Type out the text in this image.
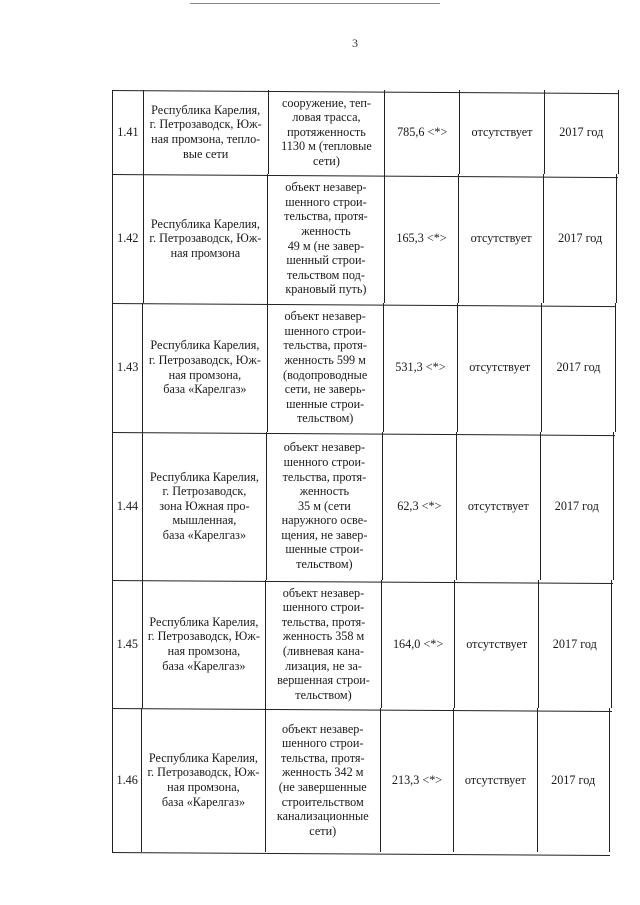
3
1.41
Республика Карелия,
г. Петрозаводск, Юж-
ная промзона, тепло-
вые сети
сооружение, теп-
ловая трасса,
протяженность
1130 м (тепловые
сети)
785,6 <*> отсутствует 2017 год
1.42
Республика Карелия,
г. Петрозаводск, Юж-
ная промзона
объект незавер-
шенного строи-
тельства, протя-
женность
49 м (не завер-
шенный строи-
тельством под-
крановый путь)
165,3 <*> отсутствует 2017 год
1.43
Республика Карелия,
г. Петрозаводск, Юж-
ная промзона,
база «Карелгаз»
объект незавер-
шенного строи-
тельства, протя-
женность 599 м
(водопроводные
сети, не заверь-
шенные строи-
тельством)
531,3 <*> отсутствует 2017 год
1.44
Республика Карелия,
г. Петрозаводск,
зона Южная про-
мышленная,
база «Карелгаз»
объект незавер-
шенного строи-
тельства, протя-
женность
35 м (сети
наружного осве-
щения, не завер-
шенные строи-
тельством)
62,3 <*> отсутствует 2017 год
1.45
Республика Карелия,
г. Петрозаводск, Юж-
ная промзона,
база «Карелгаз»
объект незавер-
шенного строи-
тельства, протя-
женность 358 м
(ливневая кана-
лизация, не за-
вершенная строи-
тельством)
164,0 <*> отсутствует 2017 год
1.46
Республика Карелия,
г. Петрозаводск, Юж-
ная промзона,
база «Карелгаз»
объект незавер-
шенного строи-
тельства, протя-
женность 342 м
(не завершенные
строительством
канализационные
сети)
213,3 <*> отсутствует 2017 год
